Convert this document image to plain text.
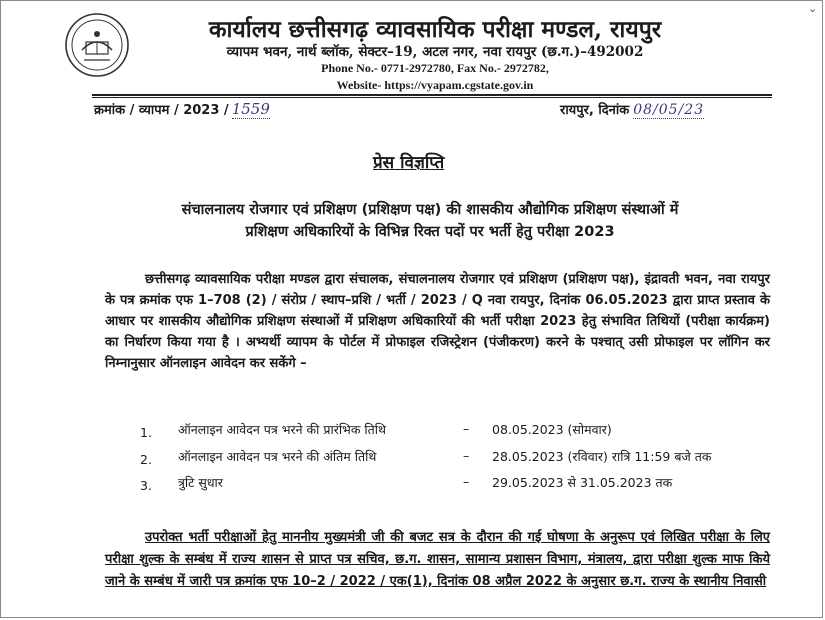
⌄
कार्यालय छत्तीसगढ़ व्यावसायिक परीक्षा मण्डल, रायपुर
व्यापम भवन, नार्थ ब्लॉक, सेक्टर–19, अटल नगर, नवा रायपुर (छ.ग.)–492002
Phone No.- 0771-2972780, Fax No.- 2972782,
Website- https://vyapam.cgstate.gov.in
क्रमांक / व्यापम / 2023 / 1559	रायपुर, दिनांक 08/05/23
प्रेस विज्ञप्ति
संचालनालय रोजगार एवं प्रशिक्षण (प्रशिक्षण पक्ष) की शासकीय औद्योगिक प्रशिक्षण संस्थाओं में
प्रशिक्षण अधिकारियों के विभिन्न रिक्त पदों पर भर्ती हेतु परीक्षा 2023
छत्तीसगढ़ व्यावसायिक परीक्षा मण्डल द्वारा संचालक, संचालनालय रोजगार एवं प्रशिक्षण (प्रशिक्षण पक्ष), इंद्रावती भवन, नवा रायपुर के पत्र क्रमांक एफ 1–708 (2) / संरोप्र / स्थाप–प्रशि / भर्ती / 2023 / Q नवा रायपुर, दिनांक 06.05.2023 द्वारा प्राप्त प्रस्ताव के आधार पर शासकीय औद्योगिक प्रशिक्षण संस्थाओं में प्रशिक्षण अधिकारियों की भर्ती परीक्षा 2023 हेतु संभावित तिथियों (परीक्षा कार्यक्रम) का निर्धारण किया गया है । अभ्यर्थी व्यापम के पोर्टल में प्रोफाइल रजिस्ट्रेशन (पंजीकरण) करने के पश्चात् उसी प्रोफाइल पर लॉगिन कर निम्नानुसार ऑनलाइन आवेदन कर सकेंगे –
1. ऑनलाइन आवेदन पत्र भरने की प्रारंभिक तिथि	– 08.05.2023 (सोमवार)
2. ऑनलाइन आवेदन पत्र भरने की अंतिम तिथि	– 28.05.2023 (रविवार) रात्रि 11:59 बजे तक
3. त्रुटि सुधार	– 29.05.2023 से 31.05.2023 तक
उपरोक्त भर्ती परीक्षाओं हेतु माननीय मुख्यमंत्री जी की बजट सत्र के दौरान की गई घोषणा के अनुरूप एवं लिखित परीक्षा के लिए परीक्षा शुल्क के सम्बंध में राज्य शासन से प्राप्त पत्र सचिव, छ.ग. शासन, सामान्य प्रशासन विभाग, मंत्रालय, द्वारा परीक्षा शुल्क माफ किये जाने के सम्बंध में जारी पत्र क्रमांक एफ 10–2 / 2022 / एक(1), दिनांक 08 अप्रैल 2022 के अनुसार छ.ग. राज्य के स्थानीय निवासी
